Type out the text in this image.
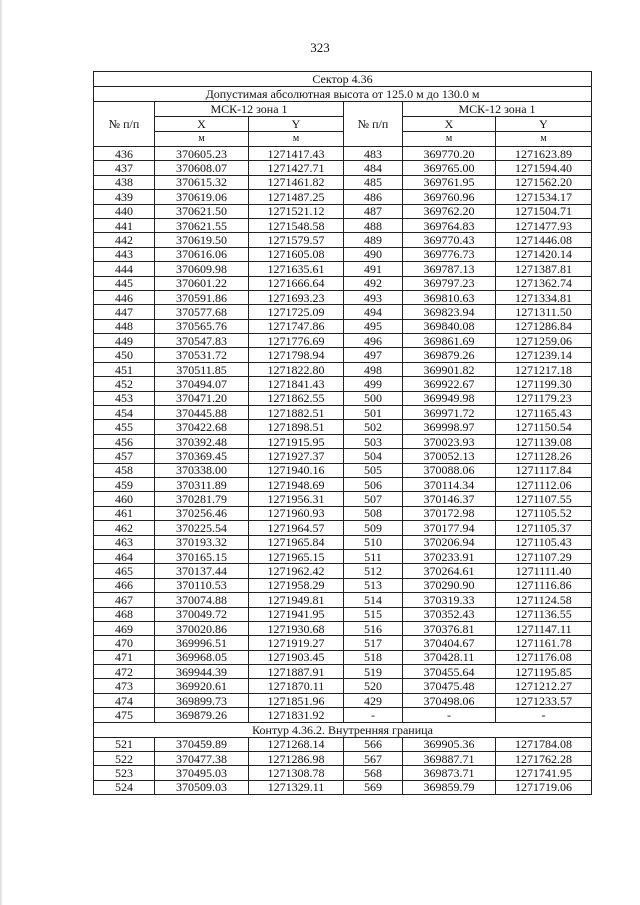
323
Сектор 4.36					
Допустимая абсолютная высота от 125.0 м до 130.0 м					
№ п/п	МСК-12 зона 1		№ п/п	МСК-12 зона 1	
	X	Y		X	Y
	м	м		м	м
436	370605.23	1271417.43	483	369770.20	1271623.89
437	370608.07	1271427.71	484	369765.00	1271594.40
438	370615.32	1271461.82	485	369761.95	1271562.20
439	370619.06	1271487.25	486	369760.96	1271534.17
440	370621.50	1271521.12	487	369762.20	1271504.71
441	370621.55	1271548.58	488	369764.83	1271477.93
442	370619.50	1271579.57	489	369770.43	1271446.08
443	370616.06	1271605.08	490	369776.73	1271420.14
444	370609.98	1271635.61	491	369787.13	1271387.81
445	370601.22	1271666.64	492	369797.23	1271362.74
446	370591.86	1271693.23	493	369810.63	1271334.81
447	370577.68	1271725.09	494	369823.94	1271311.50
448	370565.76	1271747.86	495	369840.08	1271286.84
449	370547.83	1271776.69	496	369861.69	1271259.06
450	370531.72	1271798.94	497	369879.26	1271239.14
451	370511.85	1271822.80	498	369901.82	1271217.18
452	370494.07	1271841.43	499	369922.67	1271199.30
453	370471.20	1271862.55	500	369949.98	1271179.23
454	370445.88	1271882.51	501	369971.72	1271165.43
455	370422.68	1271898.51	502	369998.97	1271150.54
456	370392.48	1271915.95	503	370023.93	1271139.08
457	370369.45	1271927.37	504	370052.13	1271128.26
458	370338.00	1271940.16	505	370088.06	1271117.84
459	370311.89	1271948.69	506	370114.34	1271112.06
460	370281.79	1271956.31	507	370146.37	1271107.55
461	370256.46	1271960.93	508	370172.98	1271105.52
462	370225.54	1271964.57	509	370177.94	1271105.37
463	370193.32	1271965.84	510	370206.94	1271105.43
464	370165.15	1271965.15	511	370233.91	1271107.29
465	370137.44	1271962.42	512	370264.61	1271111.40
466	370110.53	1271958.29	513	370290.90	1271116.86
467	370074.88	1271949.81	514	370319.33	1271124.58
468	370049.72	1271941.95	515	370352.43	1271136.55
469	370020.86	1271930.68	516	370376.81	1271147.11
470	369996.51	1271919.27	517	370404.67	1271161.78
471	369968.05	1271903.45	518	370428.11	1271176.08
472	369944.39	1271887.91	519	370455.64	1271195.85
473	369920.61	1271870.11	520	370475.48	1271212.27
474	369899.73	1271851.96	429	370498.06	1271233.57
475	369879.26	1271831.92	-	-	-
Контур 4.36.2. Внутренняя граница					
521	370459.89	1271268.14	566	369905.36	1271784.08
522	370477.38	1271286.98	567	369887.71	1271762.28
523	370495.03	1271308.78	568	369873.71	1271741.95
524	370509.03	1271329.11	569	369859.79	1271719.06
